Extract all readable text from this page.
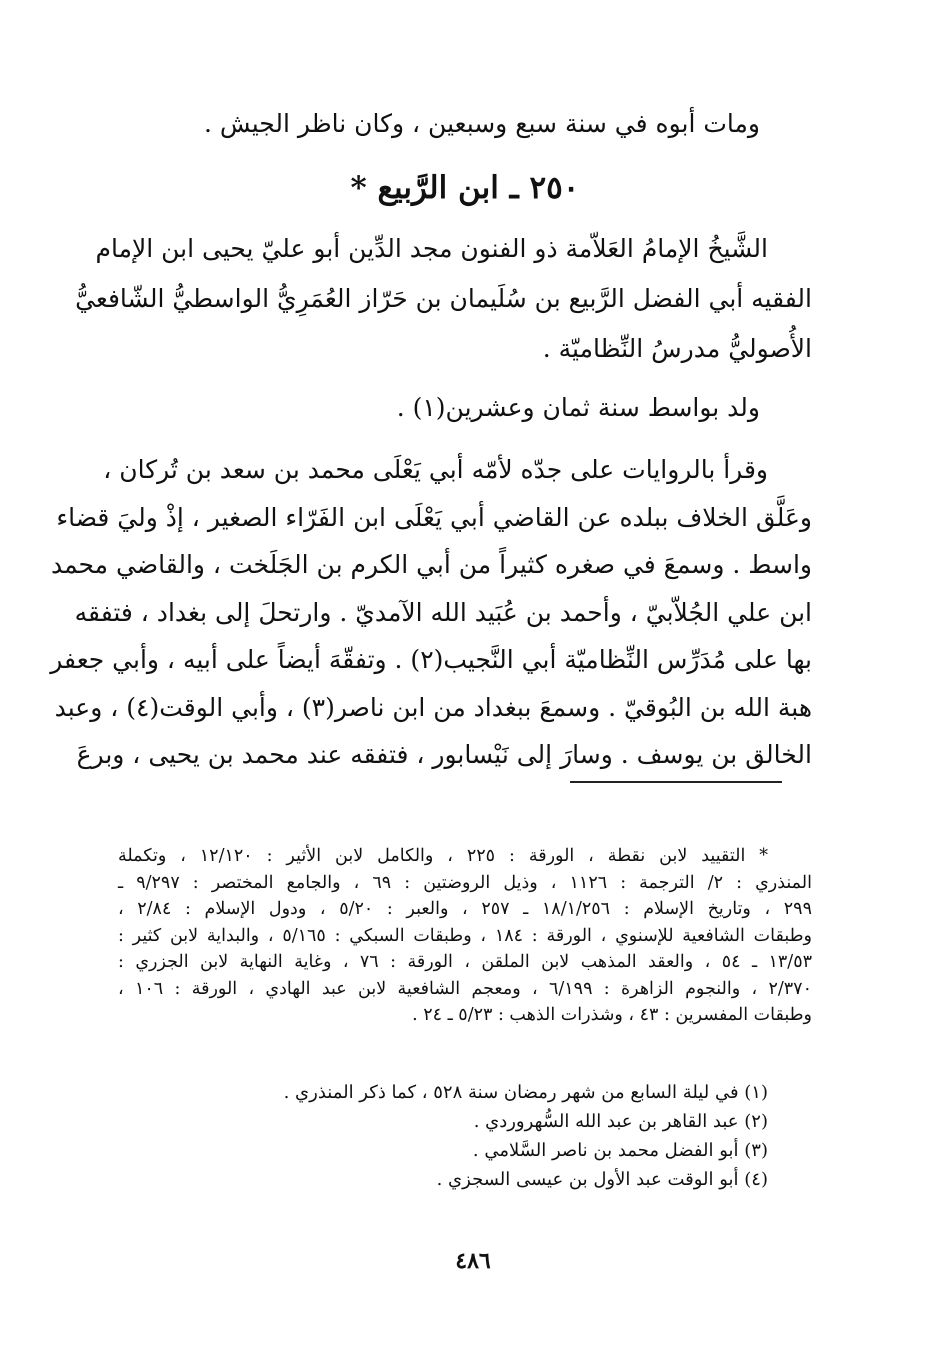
ومات أبوه في سنة سبع وسبعين ، وكان ناظر الجيش .
٢٥٠ ـ ابن الرَّبيع *
الشَّيخُ الإمامُ العَلاّمة ذو الفنون مجد الدِّين أبو عليّ يحيى ابن الإمام
الفقيه أبي الفضل الرَّبيع بن سُلَيمان بن حَرّاز العُمَرِيُّ الواسطيُّ الشّافعيُّ
الأُصوليُّ مدرسُ النِّظاميّة .
ولد بواسط سنة ثمان وعشرين(١) .
وقرأ بالروايات على جدّه لأمّه أبي يَعْلَى محمد بن سعد بن تُركان ،
وعَلَّق الخلاف ببلده عن القاضي أبي يَعْلَى ابن الفَرّاء الصغير ، إذْ وليَ قضاء
واسط . وسمعَ في صغره كثيراً من أبي الكرم بن الجَلَخت ، والقاضي محمد
ابن علي الجُلاّبيّ ، وأحمد بن عُبَيد الله الآمديّ . وارتحلَ إلى بغداد ، فتفقه
بها على مُدَرِّس النِّظاميّة أبي النَّجيب(٢) . وتفقّهَ أيضاً على أبيه ، وأبي جعفر
هبة الله بن البُوقيّ . وسمعَ ببغداد من ابن ناصر(٣) ، وأبي الوقت(٤) ، وعبد
الخالق بن يوسف . وسارَ إلى نَيْسابور ، فتفقه عند محمد بن يحيى ، وبرعَ
* التقييد لابن نقطة ، الورقة : ٢٢٥ ، والكامل لابن الأثير : ١٢/١٢٠ ، وتكملة
المنذري : ٢/ الترجمة : ١١٢٦ ، وذيل الروضتين : ٦٩ ، والجامع المختصر : ٩/٢٩٧ ـ
٢٩٩ ، وتاريخ الإسلام : ١٨/١/٢٥٦ ـ ٢٥٧ ، والعبر : ٥/٢٠ ، ودول الإسلام : ٢/٨٤ ،
وطبقات الشافعية للإسنوي ، الورقة : ١٨٤ ، وطبقات السبكي : ٥/١٦٥ ، والبداية لابن كثير :
١٣/٥٣ ـ ٥٤ ، والعقد المذهب لابن الملقن ، الورقة : ٧٦ ، وغاية النهاية لابن الجزري :
٢/٣٧٠ ، والنجوم الزاهرة : ٦/١٩٩ ، ومعجم الشافعية لابن عبد الهادي ، الورقة : ١٠٦ ،
وطبقات المفسرين : ٤٣ ، وشذرات الذهب : ٥/٢٣ ـ ٢٤ .
(١) في ليلة السابع من شهر رمضان سنة ٥٢٨ ، كما ذكر المنذري .
(٢) عبد القاهر بن عبد الله السُّهروردي .
(٣) أبو الفضل محمد بن ناصر السَّلامي .
(٤) أبو الوقت عبد الأول بن عيسى السجزي .
٤٨٦
